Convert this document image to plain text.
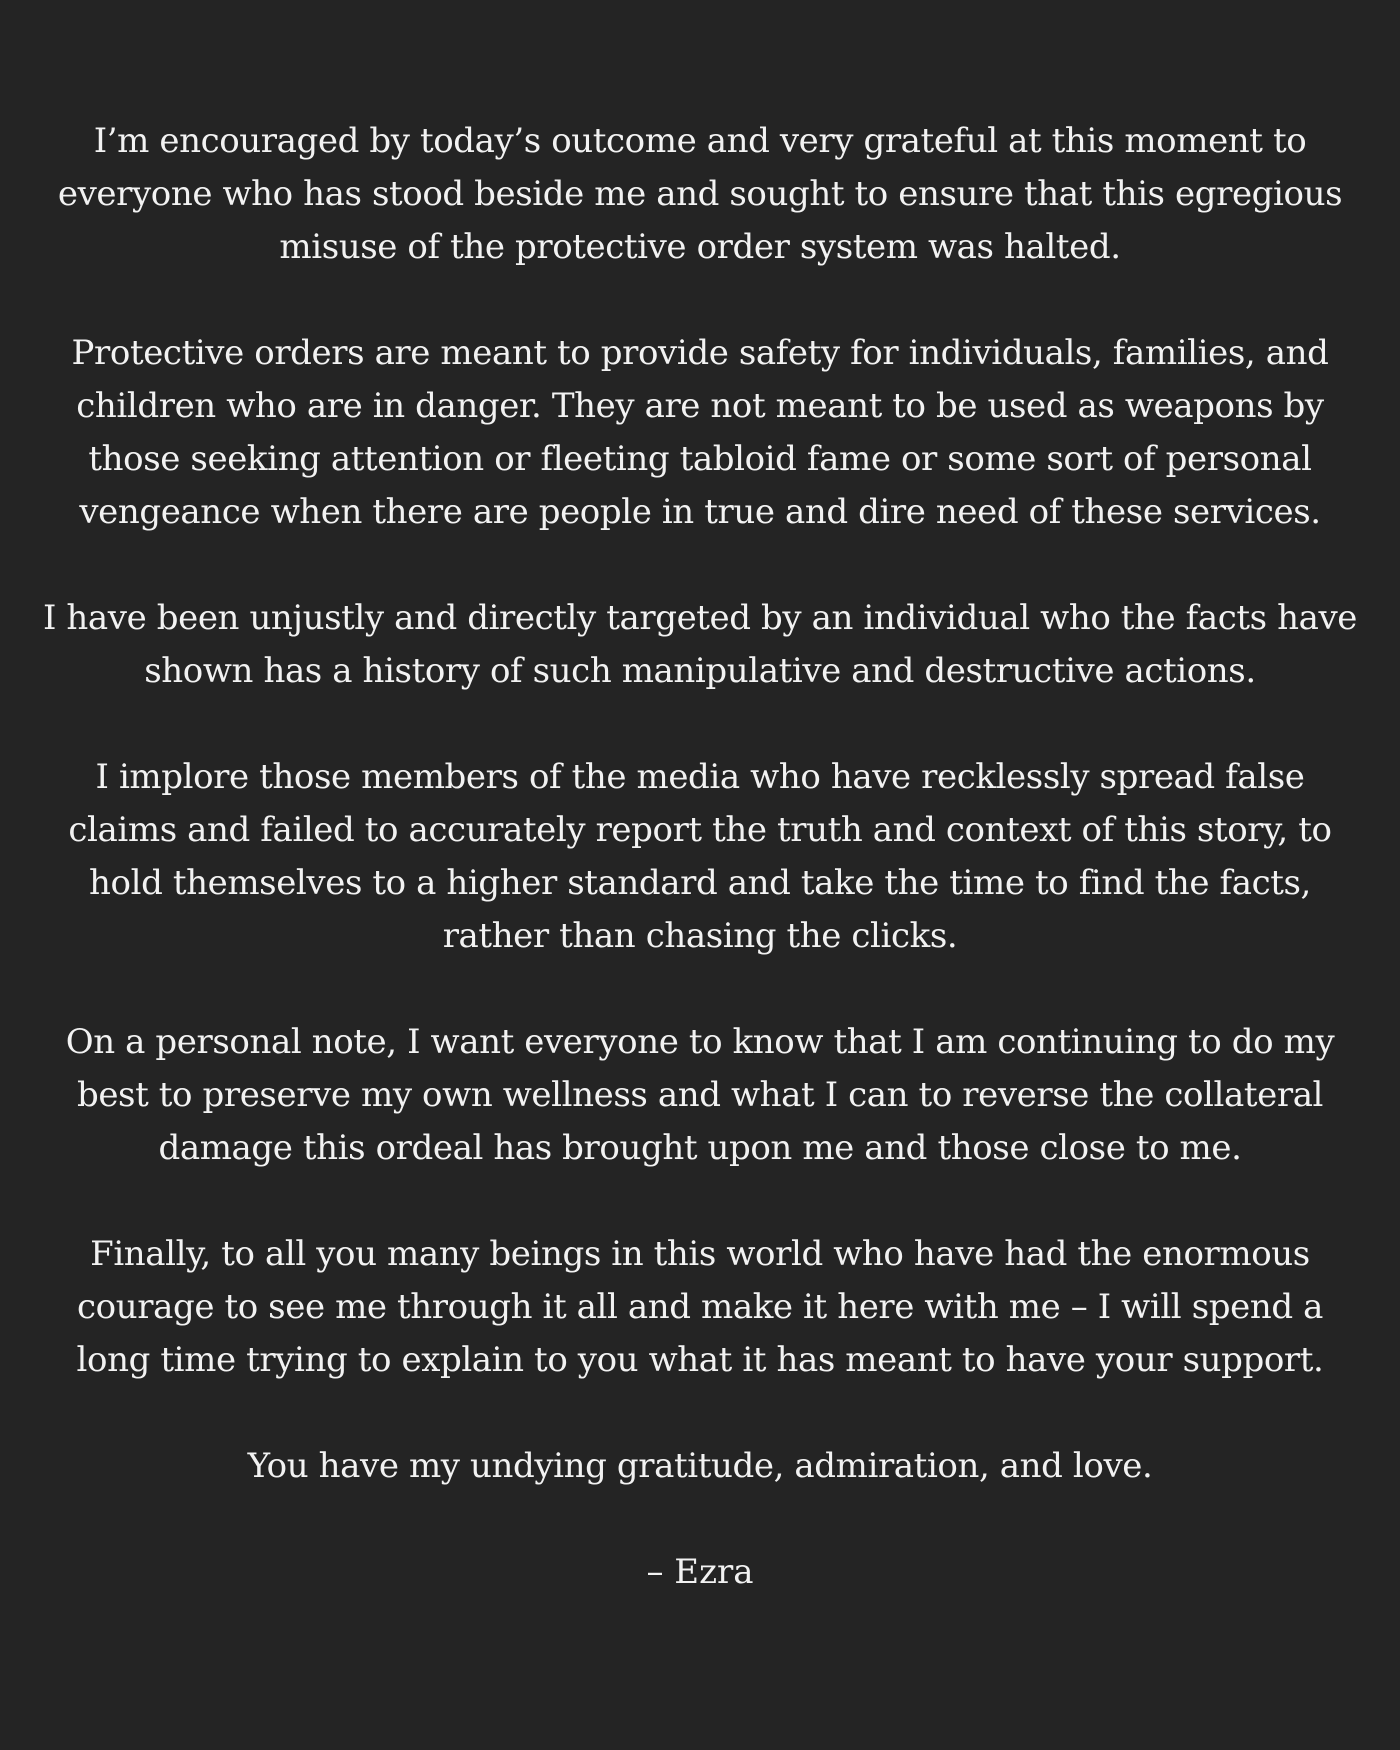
I’m encouraged by today’s outcome and very grateful at this moment to everyone who has stood beside me and sought to ensure that this egregious misuse of the protective order system was halted.

Protective orders are meant to provide safety for individuals, families, and children who are in danger. They are not meant to be used as weapons by those seeking attention or fleeting tabloid fame or some sort of personal vengeance when there are people in true and dire need of these services.

I have been unjustly and directly targeted by an individual who the facts have shown has a history of such manipulative and destructive actions.

I implore those members of the media who have recklessly spread false claims and failed to accurately report the truth and context of this story, to hold themselves to a higher standard and take the time to find the facts, rather than chasing the clicks.

On a personal note, I want everyone to know that I am continuing to do my best to preserve my own wellness and what I can to reverse the collateral damage this ordeal has brought upon me and those close to me.

Finally, to all you many beings in this world who have had the enormous courage to see me through it all and make it here with me – I will spend a long time trying to explain to you what it has meant to have your support.

You have my undying gratitude, admiration, and love.

– Ezra
